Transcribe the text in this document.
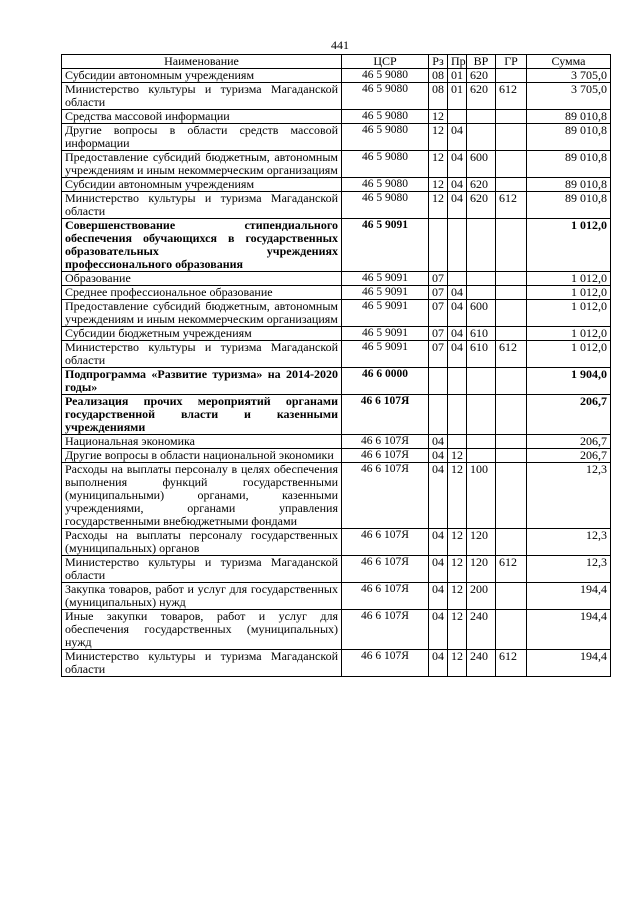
441
Наименование	ЦСР	Рз	Пр	ВР	ГР	Сумма
Субсидии автономным учреждениям	46 5 9080	08	01	620		3 705,0
Министерство культуры и туризма Магаданской области	46 5 9080	08	01	620	612	3 705,0
Средства массовой информации	46 5 9080	12				89 010,8
Другие вопросы в области средств массовой информации	46 5 9080	12	04			89 010,8
Предоставление субсидий бюджетным, автономным учреждениям и иным некоммерческим организациям	46 5 9080	12	04	600		89 010,8
Субсидии автономным учреждениям	46 5 9080	12	04	620		89 010,8
Министерство культуры и туризма Магаданской области	46 5 9080	12	04	620	612	89 010,8
Совершенствование стипендиального обеспечения обучающихся в государственных образовательных учреждениях профессионального образования	46 5 9091					1 012,0
Образование	46 5 9091	07				1 012,0
Среднее профессиональное образование	46 5 9091	07	04			1 012,0
Предоставление субсидий бюджетным, автономным учреждениям и иным некоммерческим организациям	46 5 9091	07	04	600		1 012,0
Субсидии бюджетным учреждениям	46 5 9091	07	04	610		1 012,0
Министерство культуры и туризма Магаданской области	46 5 9091	07	04	610	612	1 012,0
Подпрограмма «Развитие туризма» на 2014-2020 годы»	46 6 0000					1 904,0
Реализация прочих мероприятий органами государственной власти и казенными учреждениями	46 6 107Я					206,7
Национальная экономика	46 6 107Я	04				206,7
Другие вопросы в области национальной экономики	46 6 107Я	04	12			206,7
Расходы на выплаты персоналу в целях обеспечения выполнения функций государственными (муниципальными) органами, казенными учреждениями, органами управления государственными внебюджетными фондами	46 6 107Я	04	12	100		12,3
Расходы на выплаты персоналу государственных (муниципальных) органов	46 6 107Я	04	12	120		12,3
Министерство культуры и туризма Магаданской области	46 6 107Я	04	12	120	612	12,3
Закупка товаров, работ и услуг для государственных (муниципальных) нужд	46 6 107Я	04	12	200		194,4
Иные закупки товаров, работ и услуг для обеспечения государственных (муниципальных) нужд	46 6 107Я	04	12	240		194,4
Министерство культуры и туризма Магаданской области	46 6 107Я	04	12	240	612	194,4
